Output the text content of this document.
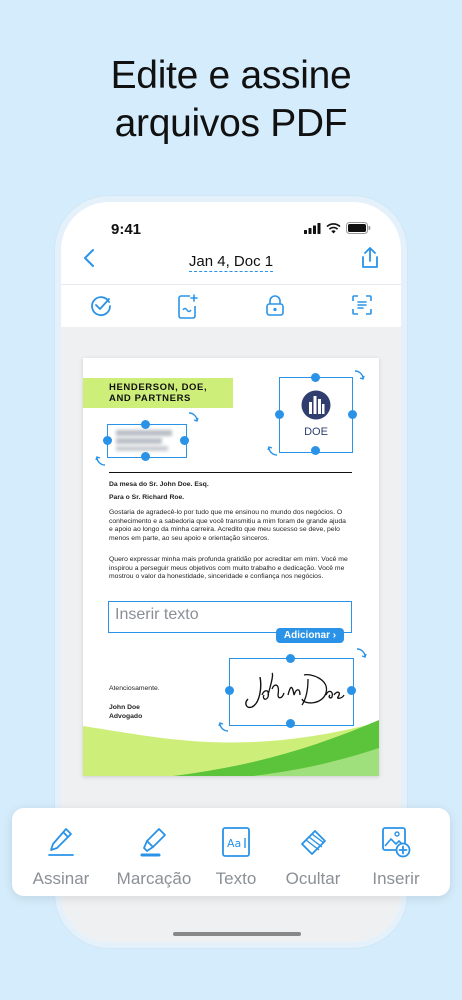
Edite e assine
arquivos PDF
9:41
Jan 4, Doc 1
HENDERSON, DOE,
AND PARTNERS
DOE
Da mesa do Sr. John Doe. Esq.
Para o Sr. Richard Roe.
Gostaria de agradecê-lo por tudo que me ensinou no mundo dos negócios. O conhecimento e a sabedoria que você transmitiu a mim foram de grande ajuda e apoio ao longo da minha carreira. Acredito que meu sucesso se deve, pelo menos em parte, ao seu apoio e orientação sinceros.
Quero expressar minha mais profunda gratidão por acreditar em mim. Você me inspirou a perseguir meus objetivos com muito trabalho e dedicação. Você me mostrou o valor da honestidade, sinceridade e confiança nos negócios.
Inserir texto
Adicionar ›
Atenciosamente.
John Doe
Advogado
Assinar	Marcação
Aa
Texto	Ocultar	Inserir
